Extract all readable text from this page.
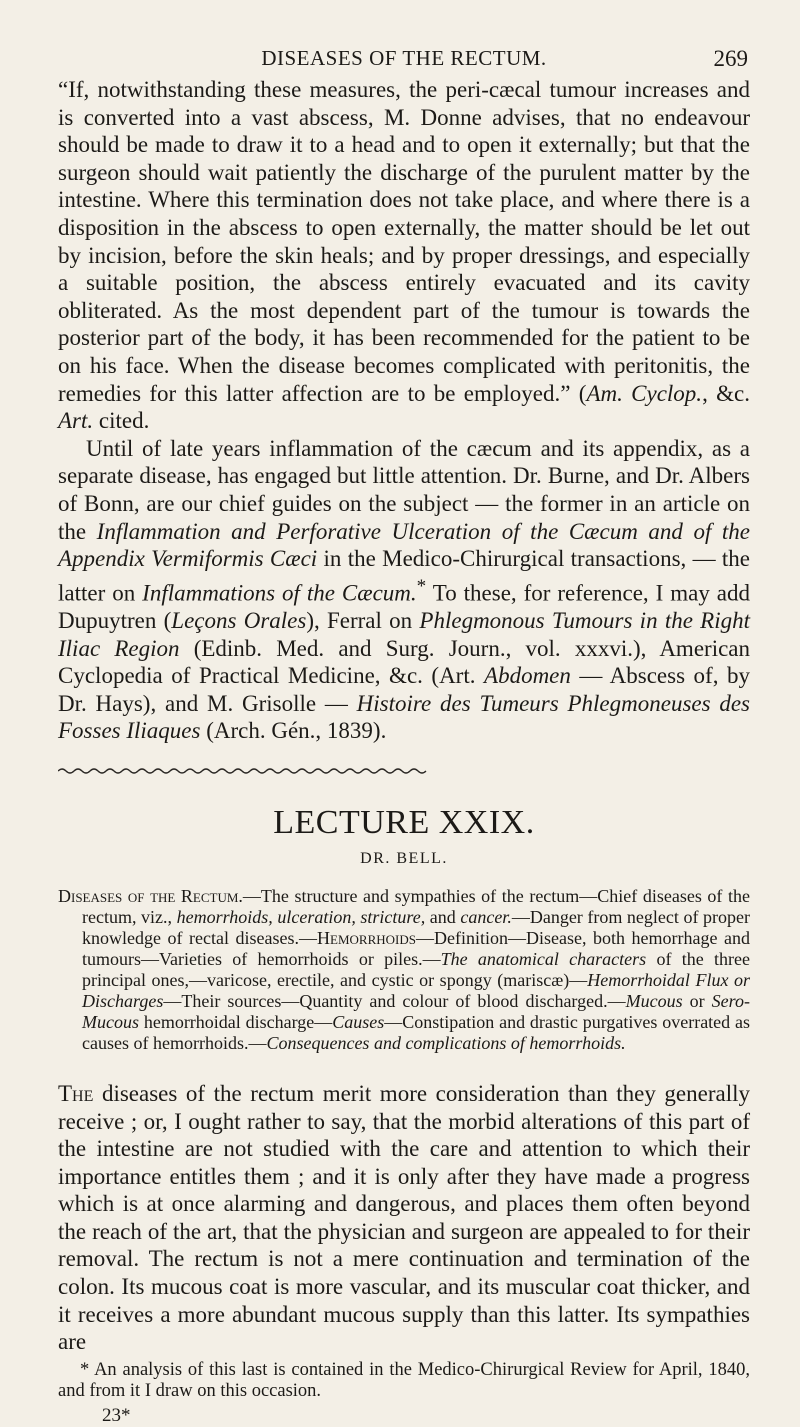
DISEASES OF THE RECTUM.	269

“If, notwithstanding these measures, the peri-cæcal tumour increases and is converted into a vast abscess, M. Donne advises, that no endeavour should be made to draw it to a head and to open it externally; but that the surgeon should wait patiently the discharge of the purulent matter by the intestine. Where this termination does not take place, and where there is a disposition in the abscess to open externally, the matter should be let out by incision, before the skin heals; and by proper dressings, and especially a suitable position, the abscess entirely evacuated and its cavity obliterated. As the most dependent part of the tumour is towards the posterior part of the body, it has been recommended for the patient to be on his face. When the disease becomes complicated with peritonitis, the remedies for this latter affection are to be employed.” (Am. Cyclop., &c. Art. cited.

Until of late years inflammation of the cæcum and its appendix, as a separate disease, has engaged but little attention. Dr. Burne, and Dr. Albers of Bonn, are our chief guides on the subject — the former in an article on the Inflammation and Perforative Ulceration of the Cæcum and of the Appendix Vermiformis Cæci in the Medico-Chirurgical transactions, — the latter on Inflammations of the Cæcum.* To these, for reference, I may add Dupuytren (Leçons Orales), Ferral on Phlegmonous Tumours in the Right Iliac Region (Edinb. Med. and Surg. Journ., vol. xxxvi.), American Cyclopedia of Practical Medicine, &c. (Art. Abdomen — Abscess of, by Dr. Hays), and M. Grisolle — Histoire des Tumeurs Phlegmoneuses des Fosses Iliaques (Arch. Gén., 1839).

LECTURE XXIX.
DR. BELL.

Diseases of the Rectum.—The structure and sympathies of the rectum—Chief diseases of the rectum, viz., hemorrhoids, ulceration, stricture, and cancer.—Danger from neglect of proper knowledge of rectal diseases.—Hemorrhoids—Definition—Disease, both hemorrhage and tumours—Varieties of hemorrhoids or piles.—The anatomical characters of the three principal ones,—varicose, erectile, and cystic or spongy (mariscæ)—Hemorrhoidal Flux or Discharges—Their sources—Quantity and colour of blood discharged.—Mucous or Sero-Mucous hemorrhoidal discharge—Causes—Constipation and drastic purgatives overrated as causes of hemorrhoids.—Consequences and complications of hemorrhoids.

The diseases of the rectum merit more consideration than they generally receive ; or, I ought rather to say, that the morbid alterations of this part of the intestine are not studied with the care and attention to which their importance entitles them ; and it is only after they have made a progress which is at once alarming and dangerous, and places them often beyond the reach of the art, that the physician and surgeon are appealed to for their removal. The rectum is not a mere continuation and termination of the colon. Its mucous coat is more vascular, and its muscular coat thicker, and it receives a more abundant mucous supply than this latter. Its sympathies are

* An analysis of this last is contained in the Medico-Chirurgical Review for April, 1840, and from it I draw on this occasion.

23*
